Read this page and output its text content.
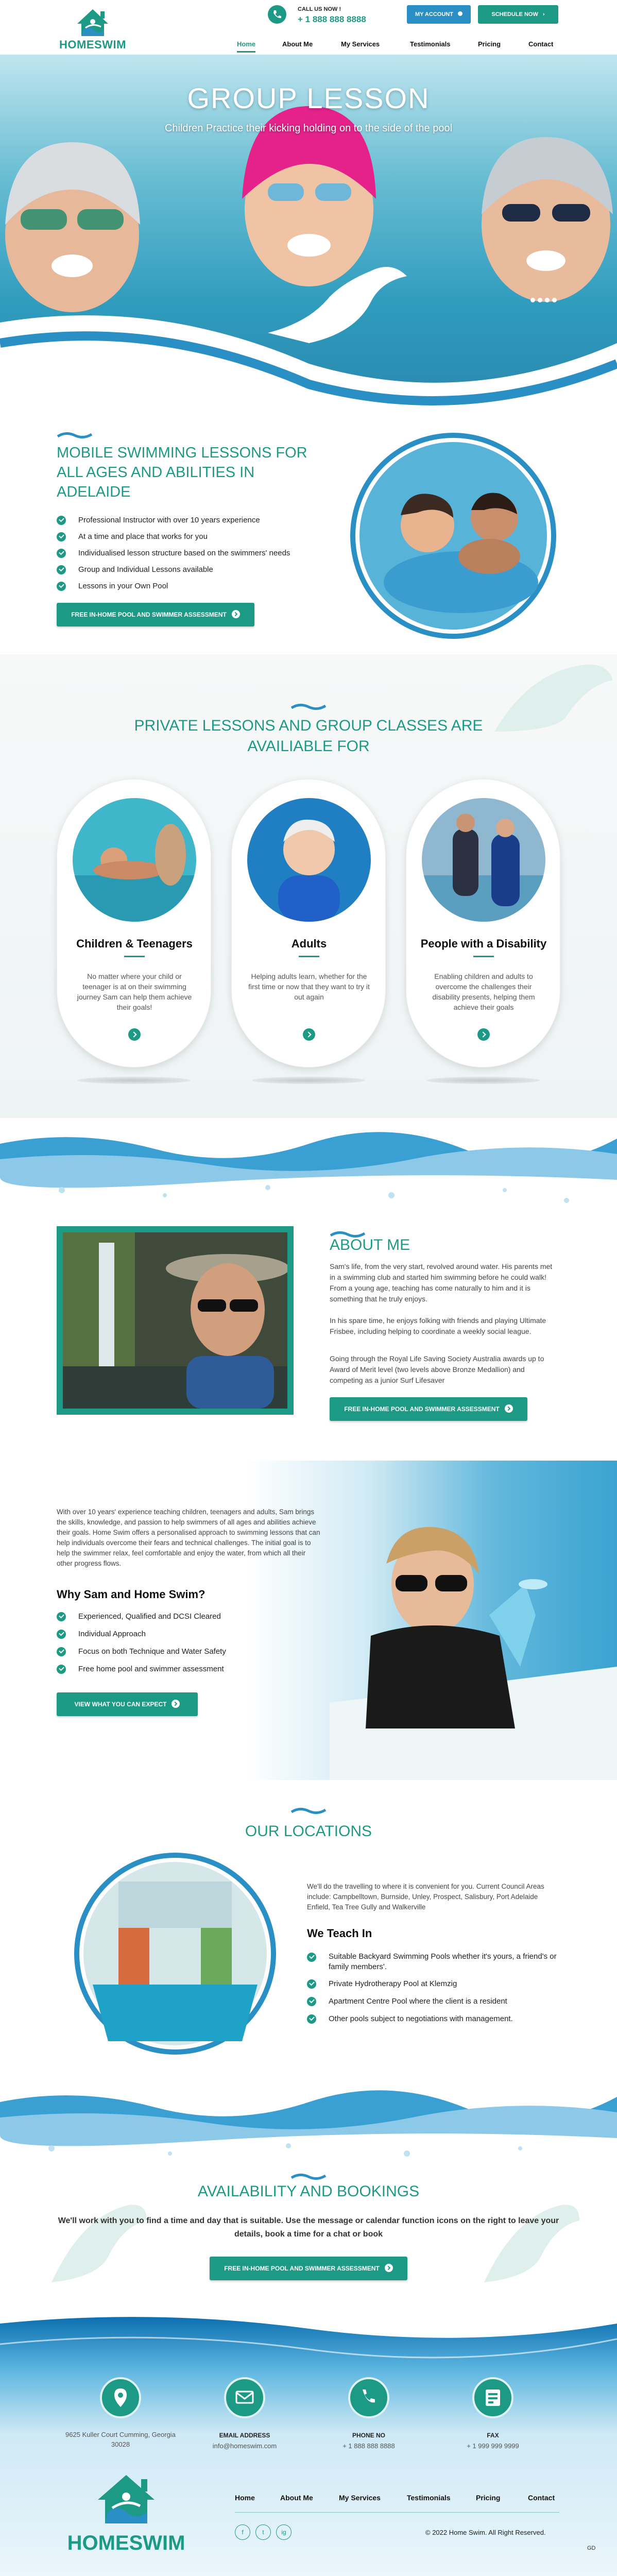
HOMESWIM
CALL US NOW !
+ 1 888 888 8888	MY ACCOUNT	SCHEDULE NOW ›
Home	About Me	My Services	Testimonials	Pricing	Contact
GROUP LESSON
Children Practice their kicking holding on to the side of the pool
MOBILE SWIMMING LESSONS FOR ALL AGES AND ABILITIES IN ADELAIDE
Professional Instructor with over 10 years experience
At a time and place that works for you
Individualised lesson structure based on the swimmers' needs
Group and Individual Lessons available
Lessons in your Own Pool
FREE IN-HOME POOL AND SWIMMER ASSESSMENT
PRIVATE LESSONS AND GROUP CLASSES ARE
AVAILIABLE FOR
Children & Teenagers
No matter where your child or teenager is at on their swimming journey Sam can help them achieve their goals!
Adults
Helping adults learn, whether for the first time or now that they want to try it out again
People with a Disability
Enabling children and adults to overcome the challenges their disability presents, helping them achieve their goals
ABOUT ME
Sam's life, from the very start, revolved around water. His parents met in a swimming club and started him swimming before he could walk! From a young age, teaching has come naturally to him and it is something that he truly enjoys.
In his spare time, he enjoys folking with friends and playing Ultimate Frisbee, including helping to coordinate a weekly social league.
Going through the Royal Life Saving Society Australia awards up to Award of Merit level (two levels above Bronze Medallion) and competing as a junior Surf Lifesaver
FREE IN-HOME POOL AND SWIMMER ASSESSMENT
With over 10 years' experience teaching children, teenagers and adults, Sam brings the skills, knowledge, and passion to help swimmers of all ages and abilities achieve their goals. Home Swim offers a personalised approach to swimming lessons that can help individuals overcome their fears and technical challenges. The initial goal is to help the swimmer relax, feel comfortable and enjoy the water, from which all their other progress flows.
Why Sam and Home Swim?
Experienced, Qualified and DCSI Cleared
Individual Approach
Focus on both Technique and Water Safety
Free home pool and swimmer assessment
VIEW WHAT YOU CAN EXPECT
OUR LOCATIONS
We'll do the travelling to where it is convenient for you. Current Council Areas include: Campbelltown, Burnside, Unley, Prospect, Salisbury, Port Adelaide Enfield, Tea Tree Gully and Walkerville
We Teach In
Suitable Backyard Swimming Pools whether it's yours, a friend's or family members'.
Private Hydrotherapy Pool at Klemzig
Apartment Centre Pool where the client is a resident
Other pools subject to negotiations with management.
AVAILABILITY AND BOOKINGS
We'll work with you to find a time and day that is suitable. Use the message or calendar function icons on the right to leave your details, book a time for a chat or book
FREE IN-HOME POOL AND SWIMMER ASSESSMENT
9625 Kuller Court Cumming, Georgia 30028
EMAIL ADDRESS
info@homeswim.com
PHONE NO
+ 1 888 888 8888
FAX
+ 1 999 999 9999
HOMESWIM
Home	About Me	My Services	Testimonials	Pricing	Contact
f	t	ig	© 2022 Home Swim. All Right Reserved.
GD
